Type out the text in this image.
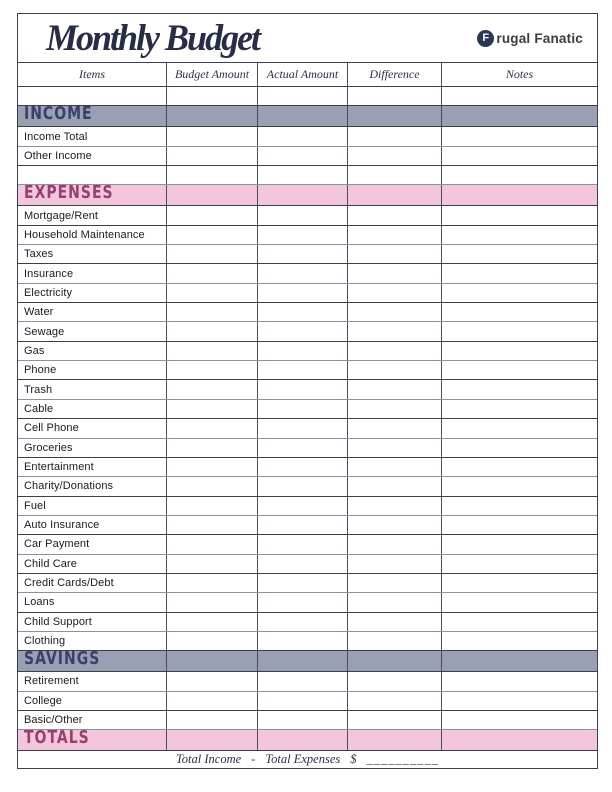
Monthly Budget	F rugal Fanatic
Items	Budget Amount	Actual Amount	Difference	Notes
INCOME
Income Total
Other Income
EXPENSES
Mortgage/Rent
Household Maintenance
Taxes
Insurance
Electricity
Water
Sewage
Gas
Phone
Trash
Cable
Cell Phone
Groceries
Entertainment
Charity/Donations
Fuel
Auto Insurance
Car Payment
Child Care
Credit Cards/Debt
Loans
Child Support
Clothing
SAVINGS
Retirement
College
Basic/Other
TOTALS
Total Income - Total Expenses $ __________
